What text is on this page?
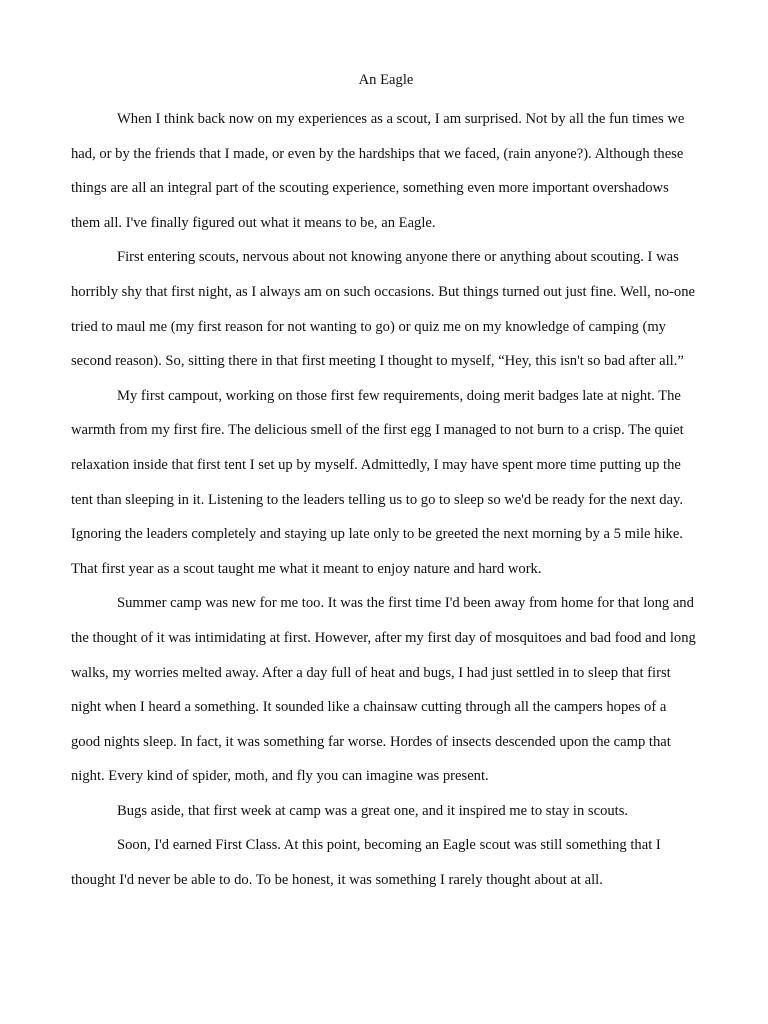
An Eagle

When I think back now on my experiences as a scout, I am surprised. Not by all the fun times we had, or by the friends that I made, or even by the hardships that we faced, (rain anyone?). Although these things are all an integral part of the scouting experience, something even more important overshadows them all. I've finally figured out what it means to be, an Eagle.

First entering scouts, nervous about not knowing anyone there or anything about scouting. I was horribly shy that first night, as I always am on such occasions. But things turned out just fine. Well, no-one tried to maul me (my first reason for not wanting to go) or quiz me on my knowledge of camping (my second reason). So, sitting there in that first meeting I thought to myself, “Hey, this isn't so bad after all.”

My first campout, working on those first few requirements, doing merit badges late at night. The warmth from my first fire. The delicious smell of the first egg I managed to not burn to a crisp. The quiet relaxation inside that first tent I set up by myself. Admittedly, I may have spent more time putting up the tent than sleeping in it. Listening to the leaders telling us to go to sleep so we'd be ready for the next day. Ignoring the leaders completely and staying up late only to be greeted the next morning by a 5 mile hike. That first year as a scout taught me what it meant to enjoy nature and hard work.

Summer camp was new for me too. It was the first time I'd been away from home for that long and the thought of it was intimidating at first. However, after my first day of mosquitoes and bad food and long walks, my worries melted away. After a day full of heat and bugs, I had just settled in to sleep that first night when I heard a something. It sounded like a chainsaw cutting through all the campers hopes of a good nights sleep. In fact, it was something far worse. Hordes of insects descended upon the camp that night. Every kind of spider, moth, and fly you can imagine was present.

Bugs aside, that first week at camp was a great one, and it inspired me to stay in scouts.

Soon, I'd earned First Class. At this point, becoming an Eagle scout was still something that I thought I'd never be able to do. To be honest, it was something I rarely thought about at all.
